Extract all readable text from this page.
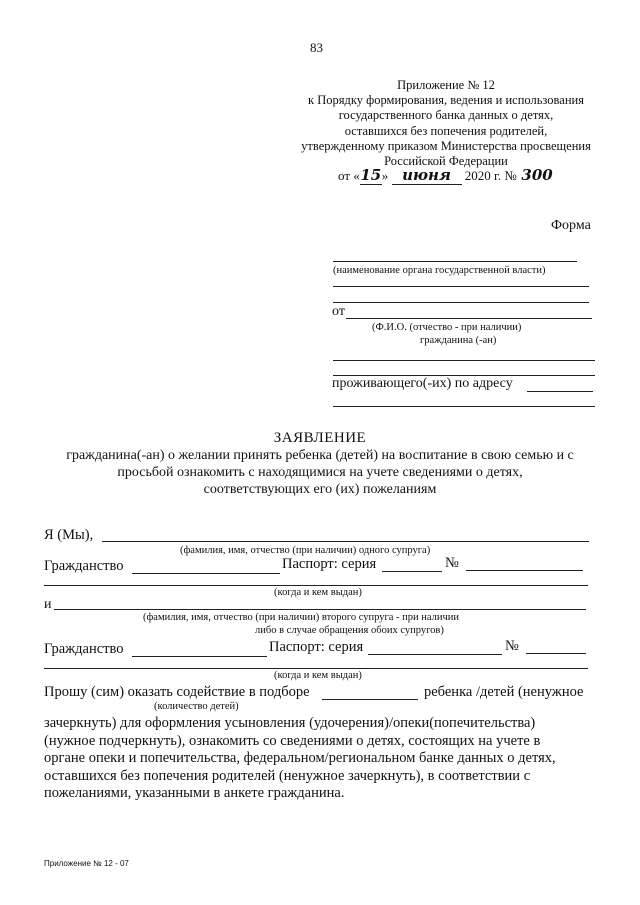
83
Приложение № 12
к Порядку формирования, ведения и использования
государственного банка данных о детях,
оставшихся без попечения родителей,
утвержденному приказом Министерства просвещения
Российской Федерации
от «15» июня 2020 г. № 300
Форма
(наименование органа государственной власти)
от
(Ф.И.О. (отчество - при наличии)
гражданина (-ан)
проживающего(-их) по адресу
ЗАЯВЛЕНИЕ
гражданина(-ан) о желании принять ребенка (детей) на воспитание в свою семью и с
просьбой ознакомить с находящимися на учете сведениями о детях,
соответствующих его (их) пожеланиям
Я (Мы),
(фамилия, имя, отчество (при наличии) одного супруга)
Гражданство	Паспорт: серия	№
(когда и кем выдан)
и
(фамилия, имя, отчество (при наличии) второго супруга - при наличии
либо в случае обращения обоих супругов)
Гражданство	Паспорт: серия	№
(когда и кем выдан)
Прошу (сим) оказать содействие в подборе	ребенка /детей (ненужное
(количество детей)
зачеркнуть) для оформления усыновления (удочерения)/опеки(попечительства)
(нужное подчеркнуть), ознакомить со сведениями о детях, состоящих на учете в
органе опеки и попечительства, федеральном/региональном банке данных о детях,
оставшихся без попечения родителей (ненужное зачеркнуть), в соответствии с
пожеланиями, указанными в анкете гражданина.
Приложение № 12 - 07
